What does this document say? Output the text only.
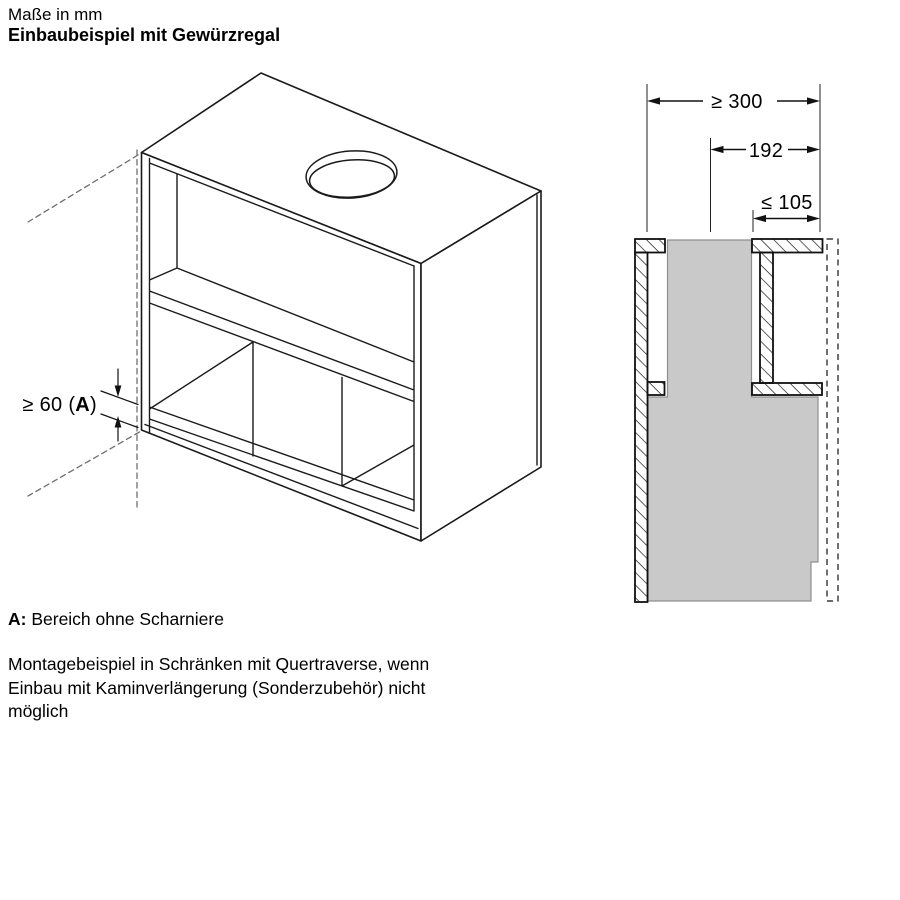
Maße in mm
Einbaubeispiel mit Gewürzregal
≥ 300
192
≤ 105
≥ 60 (A)
A: Bereich ohne Scharniere
Montagebeispiel in Schränken mit Quertraverse, wenn
Einbau mit Kaminverlängerung (Sonderzubehör) nicht
möglich
